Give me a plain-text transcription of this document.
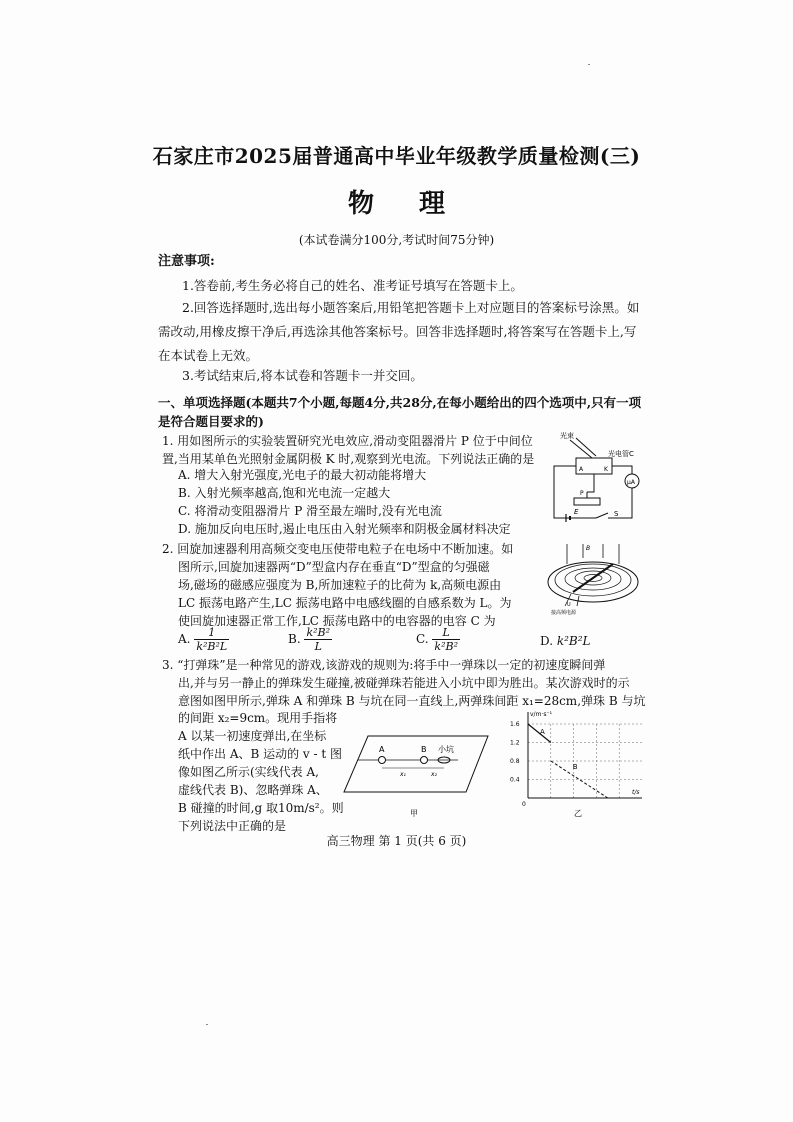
石家庄市2025届普通高中毕业年级教学质量检测(三)
物 理
(本试卷满分100分,考试时间75分钟)
注意事项:
1.答卷前,考生务必将自己的姓名、准考证号填写在答题卡上。
2.回答选择题时,选出每小题答案后,用铅笔把答题卡上对应题目的答案标号涂黑。如需改动,用橡皮擦干净后,再选涂其他答案标号。回答非选择题时,将答案写在答题卡上,写在本试卷上无效。
3.考试结束后,将本试卷和答题卡一并交回。
一、单项选择题(本题共7个小题,每题4分,共28分,在每小题给出的四个选项中,只有一项是符合题目要求的)
1. 用如图所示的实验装置研究光电效应,滑动变阻器滑片 P 位于中间位置,当用某单色光照射金属阴极 K 时,观察到光电流。下列说法正确的是
A. 增大入射光强度,光电子的最大初动能将增大
B. 入射光频率越高,饱和光电流一定越大
C. 将滑动变阻器滑片 P 滑至最左端时,没有光电流
D. 施加反向电压时,遏止电压由入射光频率和阴极金属材料决定
光束
光电管C
A	K
μA
P
E	S
2. 回旋加速器利用高频交变电压使带电粒子在电场中不断加速。如
图所示,回旋加速器两“D”型盒内存在垂直“D”型盒的匀强磁
场,磁场的磁感应强度为 B,所加速粒子的比荷为 k,高频电源由
LC 振荡电路产生,LC 振荡电路中电感线圈的自感系数为 L。为
使回旋加速器正常工作,LC 振荡电路中的电容器的电容 C 为
A. $\frac{1}{\text{k²B²L}}$	B. $\frac{\text{k²B²}}{L}$	C. $\frac{L}{\text{k²B²}}$	D. k²B²L
B
U
接高频电源
3. “打弹珠”是一种常见的游戏,该游戏的规则为:将手中一弹珠以一定的初速度瞬间弹
出,并与另一静止的弹珠发生碰撞,被碰弹珠若能进入小坑中即为胜出。某次游戏时的示
意图如图甲所示,弹珠 A 和弹珠 B 与坑在同一直线上,两弹珠间距 x₁=28cm,弹珠 B 与坑
的间距 x₂=9cm。现用手指将
A 以某一初速度弹出,在坐标
纸中作出 A、B 运动的 v - t 图
像如图乙所示(实线代表 A,
虚线代表 B)、忽略弹珠 A、
B 碰撞的时间,g 取10m/s²。则
下列说法中正确的是
A	B 小坑
x₁	x₂
甲
v/m·s⁻¹
t/s
0
1.6
1.2
0.8
0.4
A
B
乙
高三物理 第 1 页(共 6 页)
